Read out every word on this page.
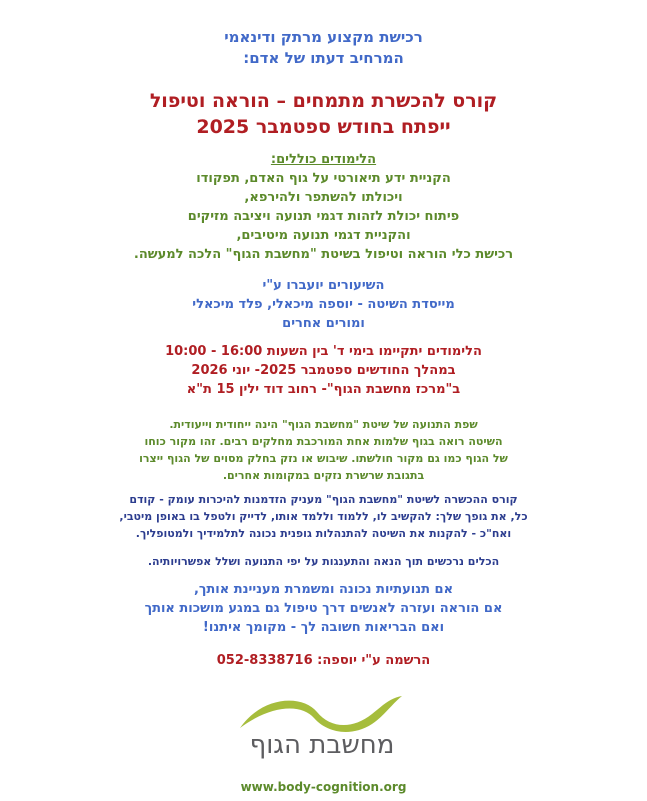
רכישת מקצוע מרתק ודינאמי
המרחיב דעתו של אדם:
קורס להכשרת מתמחים – הוראה וטיפול
ייפתח בחודש ספטמבר 2025
הלימודים כוללים:
הקניית ידע תיאורטי על גוף האדם, תפקודו
ויכולתו להשתפר ולהירפא,
פיתוח יכולת לזהות דגמי תנועה ויציבה מזיקים
והקניית דגמי תנועה מיטיבים,
רכישת כלי הוראה וטיפול בשיטת "מחשבת הגוף" הלכה למעשה.
השיעורים יועברו ע"י
מייסדת השיטה - יוספה מיכאלי, פלד מיכאלי
ומורים אחרים
הלימודים יתקיימו בימי ד' בין השעות 16:00 - 10:00
במהלך החודשים ספטמבר 2025- יוני 2026
ב"מרכז מחשבת הגוף"- רחוב דוד ילין 15 ת"א
שפת התנועה של שיטת "מחשבת הגוף" הינה ייחודית וייעודית.
השיטה רואה בגוף שלמות אחת המורכבת מחלקים רבים. זהו מקור כוחו
של הגוף כמו גם מקור חולשתו. שיבוש או נזק בחלק מסוים של הגוף ייצרו
בתגובת שרשרת נזקים במקומות אחרים.
קורס ההכשרה לשיטת "מחשבת הגוף" מעניק הזדמנות להיכרות עומק - קודם
כל, את גופך שלך: להקשיב לו, ללמוד וללמד אותו, לדייק ולטפל בו באופן מיטבי,
ואח"כ - להקנות את השיטה להתנהלות גופנית נכונה לתלמידיך ולמטופליך.
הכלים נרכשים תוך הנאה והתענגות על יפי התנועה ושלל אפשרויותיה.
אם תנועתיות נכונה ומשמרת מעניינת אותך,
אם הוראה ועזרה לאנשים דרך טיפול גם במגע מושכות אותך
ואם הבריאות חשובה לך - מקומך איתנו!
הרשמה ע"י יוספה: 052-8338716
מחשבת הגוף
www.body-cognition.org
